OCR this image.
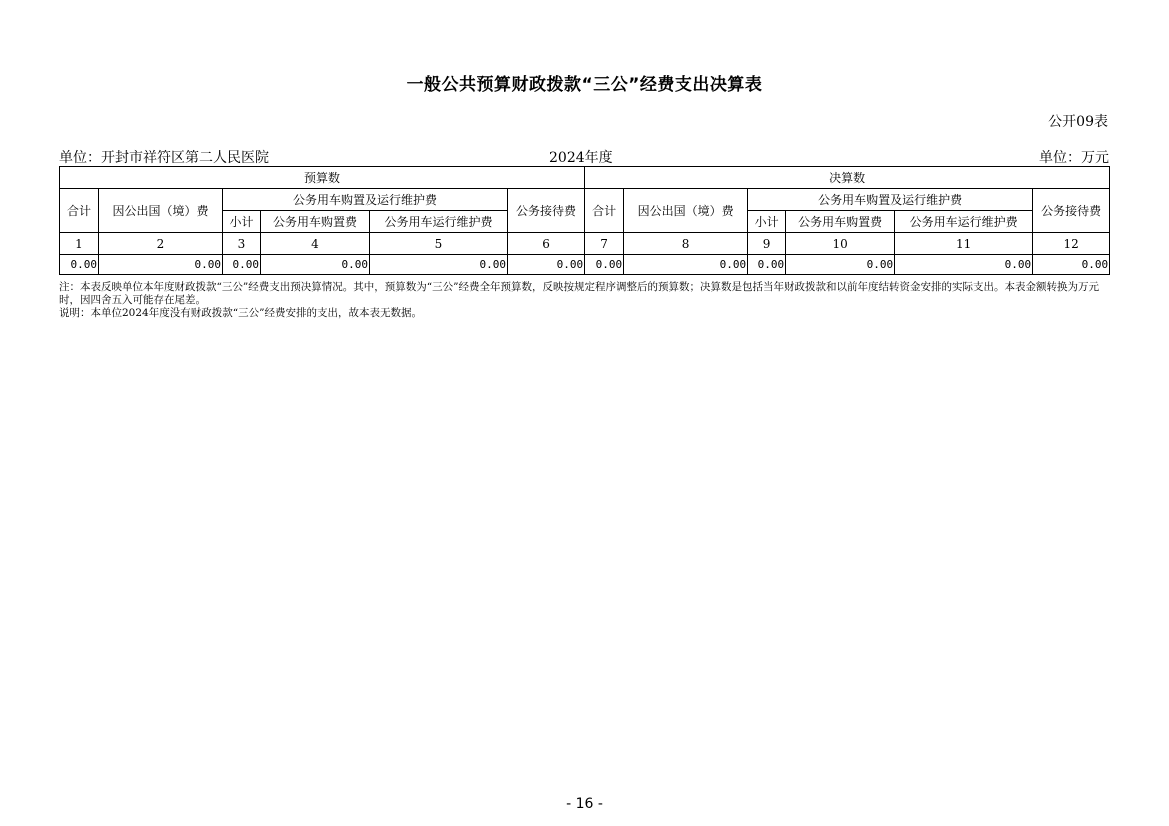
一般公共预算财政拨款“三公”经费支出决算表
公开09表
单位：开封市祥符区第二人民医院	2024年度	单位：万元
预算数						决算数					
合计	因公出国（境）费	公务用车购置及运行维护费			公务接待费	合计	因公出国（境）费	公务用车购置及运行维护费			公务接待费
		小计	公务用车购置费	公务用车运行维护费				小计	公务用车购置费	公务用车运行维护费	
1	2	3	4	5	6	7	8	9	10	11	12
0.00	0.00	0.00	0.00	0.00	0.00	0.00	0.00	0.00	0.00	0.00	0.00
注：本表反映单位本年度财政拨款“三公”经费支出预决算情况。其中，预算数为“三公”经费全年预算数，反映按规定程序调整后的预算数；决算数是包括当年财政拨款和以前年度结转资金安排的实际支出。本表金额转换为万元时，因四舍五入可能存在尾差。
说明：本单位2024年度没有财政拨款“三公”经费安排的支出，故本表无数据。
- 16 -
